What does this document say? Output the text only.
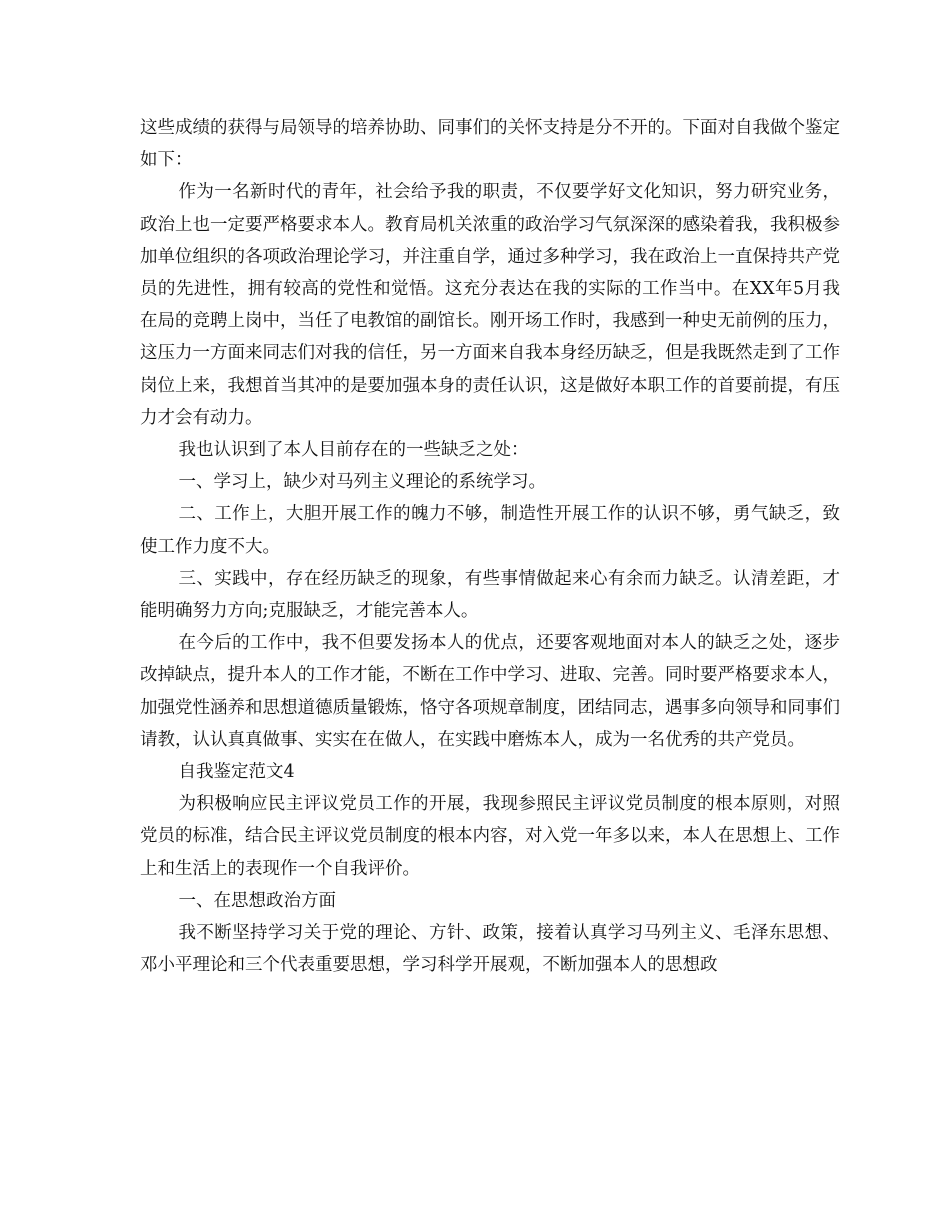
这些成绩的获得与局领导的培养协助、同事们的关怀支持是分不开的。下面对自我做个鉴定如下：

作为一名新时代的青年，社会给予我的职责，不仅要学好文化知识，努力研究业务，政治上也一定要严格要求本人。教育局机关浓重的政治学习气氛深深的感染着我，我积极参加单位组织的各项政治理论学习，并注重自学，通过多种学习，我在政治上一直保持共产党员的先进性，拥有较高的党性和觉悟。这充分表达在我的实际的工作当中。在XX年5月我在局的竞聘上岗中，当任了电教馆的副馆长。刚开场工作时，我感到一种史无前例的压力，这压力一方面来同志们对我的信任，另一方面来自我本身经历缺乏，但是我既然走到了工作岗位上来，我想首当其冲的是要加强本身的责任认识，这是做好本职工作的首要前提，有压力才会有动力。

我也认识到了本人目前存在的一些缺乏之处：

一、学习上，缺少对马列主义理论的系统学习。

二、工作上，大胆开展工作的魄力不够，制造性开展工作的认识不够，勇气缺乏，致使工作力度不大。

三、实践中，存在经历缺乏的现象，有些事情做起来心有余而力缺乏。认清差距，才能明确努力方向;克服缺乏，才能完善本人。

在今后的工作中，我不但要发扬本人的优点，还要客观地面对本人的缺乏之处，逐步改掉缺点，提升本人的工作才能，不断在工作中学习、进取、完善。同时要严格要求本人，加强党性涵养和思想道德质量锻炼，恪守各项规章制度，团结同志，遇事多向领导和同事们请教，认认真真做事、实实在在做人，在实践中磨炼本人，成为一名优秀的共产党员。

自我鉴定范文4

为积极响应民主评议党员工作的开展，我现参照民主评议党员制度的根本原则，对照党员的标准，结合民主评议党员制度的根本内容，对入党一年多以来，本人在思想上、工作上和生活上的表现作一个自我评价。

一、在思想政治方面

我不断坚持学习关于党的理论、方针、政策，接着认真学习马列主义、毛泽东思想、邓小平理论和三个代表重要思想，学习科学开展观，不断加强本人的思想政
